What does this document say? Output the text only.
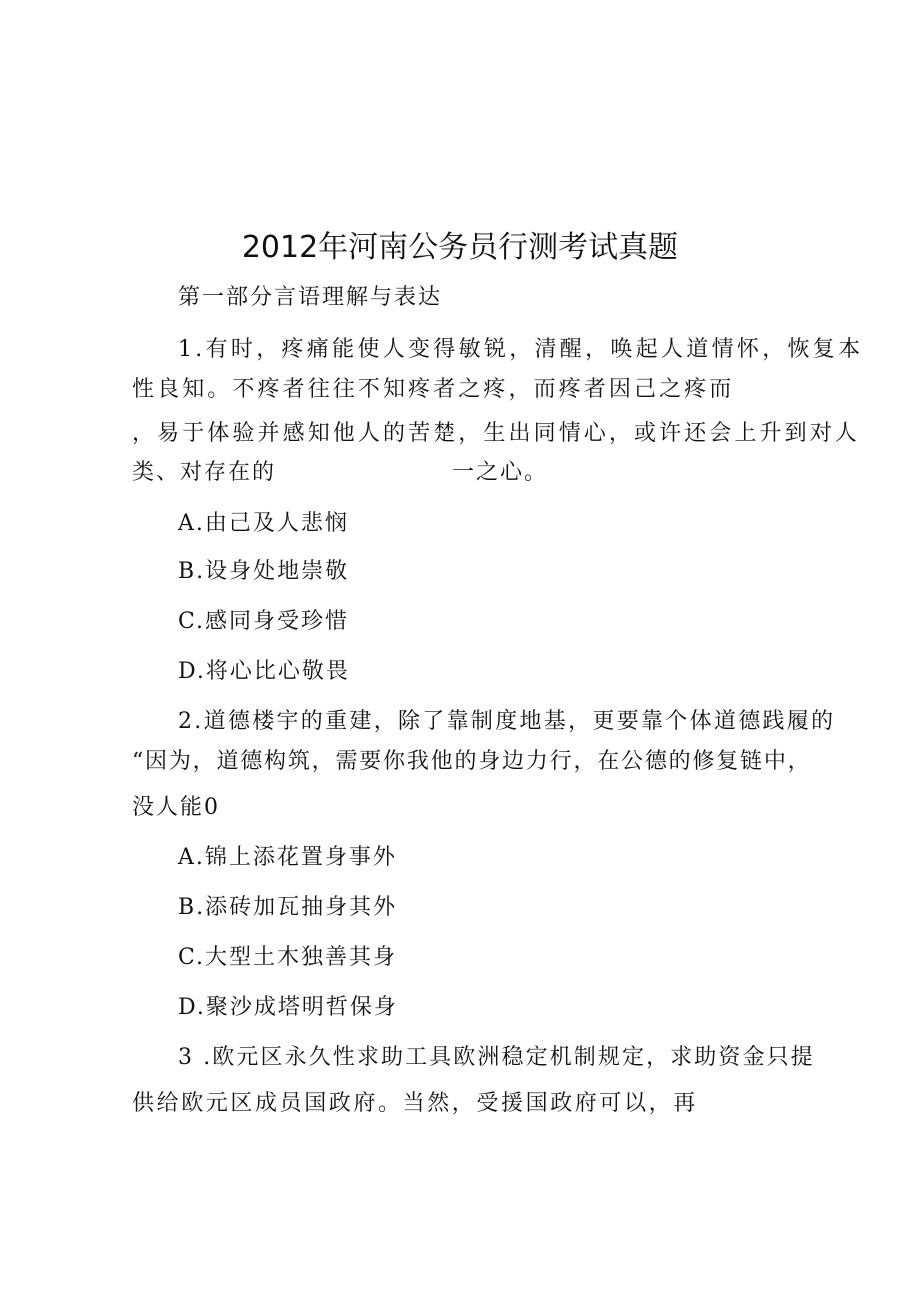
2012年河南公务员行测考试真题
第一部分言语理解与表达
1.有时，疼痛能使人变得敏锐，清醒，唤起人道情怀，恢复本
性良知。不疼者往往不知疼者之疼，而疼者因己之疼而
，易于体验并感知他人的苦楚，生出同情心，或许还会上升到对人
类、对存在的	一之心。
A.由己及人悲悯
B.设身处地崇敬
C.感同身受珍惜
D.将心比心敬畏
2.道德楼宇的重建，除了靠制度地基，更要靠个体道德践履的
“因为，道德构筑，需要你我他的身边力行，在公德的修复链中，
没人能0
A.锦上添花置身事外
B.添砖加瓦抽身其外
C.大型土木独善其身
D.聚沙成塔明哲保身
3 .欧元区永久性求助工具欧洲稳定机制规定，求助资金只提
供给欧元区成员国政府。当然，受援国政府可以，再
